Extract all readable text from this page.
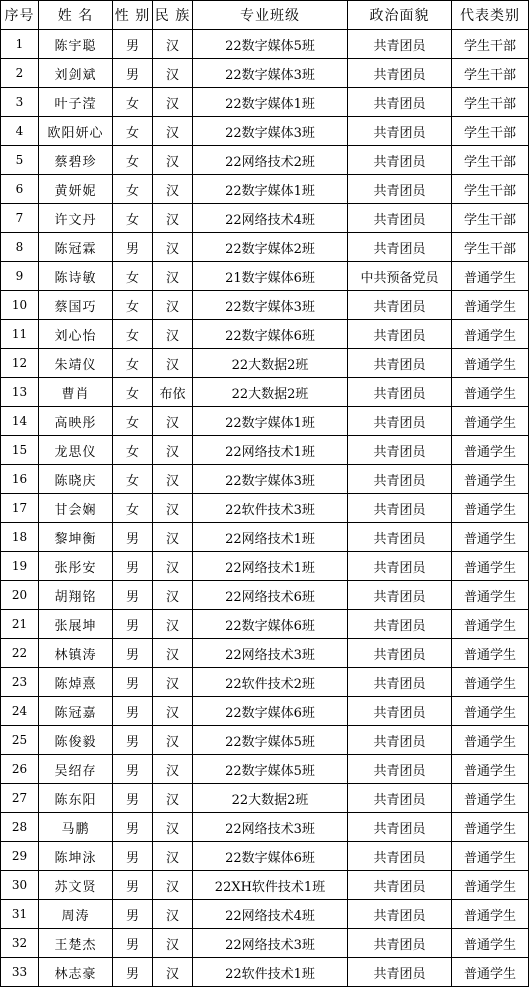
序号	姓 名	性 别	民 族	专业班级	政治面貌	代表类别
1	陈宇聪	男	汉	22数字媒体5班	共青团员	学生干部
2	刘剑斌	男	汉	22数字媒体3班	共青团员	学生干部
3	叶子滢	女	汉	22数字媒体1班	共青团员	学生干部
4	欧阳妍心	女	汉	22数字媒体3班	共青团员	学生干部
5	蔡碧珍	女	汉	22网络技术2班	共青团员	学生干部
6	黄妍妮	女	汉	22数字媒体1班	共青团员	学生干部
7	许文丹	女	汉	22网络技术4班	共青团员	学生干部
8	陈冠霖	男	汉	22数字媒体2班	共青团员	学生干部
9	陈诗敏	女	汉	21数字媒体6班	中共预备党员	普通学生
10	蔡国巧	女	汉	22数字媒体3班	共青团员	普通学生
11	刘心怡	女	汉	22数字媒体6班	共青团员	普通学生
12	朱靖仪	女	汉	22大数据2班	共青团员	普通学生
13	曹肖	女	布依	22大数据2班	共青团员	普通学生
14	高映彤	女	汉	22数字媒体1班	共青团员	普通学生
15	龙思仪	女	汉	22网络技术1班	共青团员	普通学生
16	陈晓庆	女	汉	22数字媒体3班	共青团员	普通学生
17	甘会娴	女	汉	22软件技术3班	共青团员	普通学生
18	黎坤衡	男	汉	22网络技术1班	共青团员	普通学生
19	张彤安	男	汉	22网络技术1班	共青团员	普通学生
20	胡翔铭	男	汉	22网络技术6班	共青团员	普通学生
21	张展坤	男	汉	22数字媒体6班	共青团员	普通学生
22	林镇涛	男	汉	22网络技术3班	共青团员	普通学生
23	陈焯熹	男	汉	22软件技术2班	共青团员	普通学生
24	陈冠嘉	男	汉	22数字媒体6班	共青团员	普通学生
25	陈俊毅	男	汉	22数字媒体5班	共青团员	普通学生
26	吴绍存	男	汉	22数字媒体5班	共青团员	普通学生
27	陈东阳	男	汉	22大数据2班	共青团员	普通学生
28	马鹏	男	汉	22网络技术3班	共青团员	普通学生
29	陈坤泳	男	汉	22数字媒体6班	共青团员	普通学生
30	苏文贤	男	汉	22XH软件技术1班	共青团员	普通学生
31	周涛	男	汉	22网络技术4班	共青团员	普通学生
32	王楚杰	男	汉	22网络技术3班	共青团员	普通学生
33	林志豪	男	汉	22软件技术1班	共青团员	普通学生
